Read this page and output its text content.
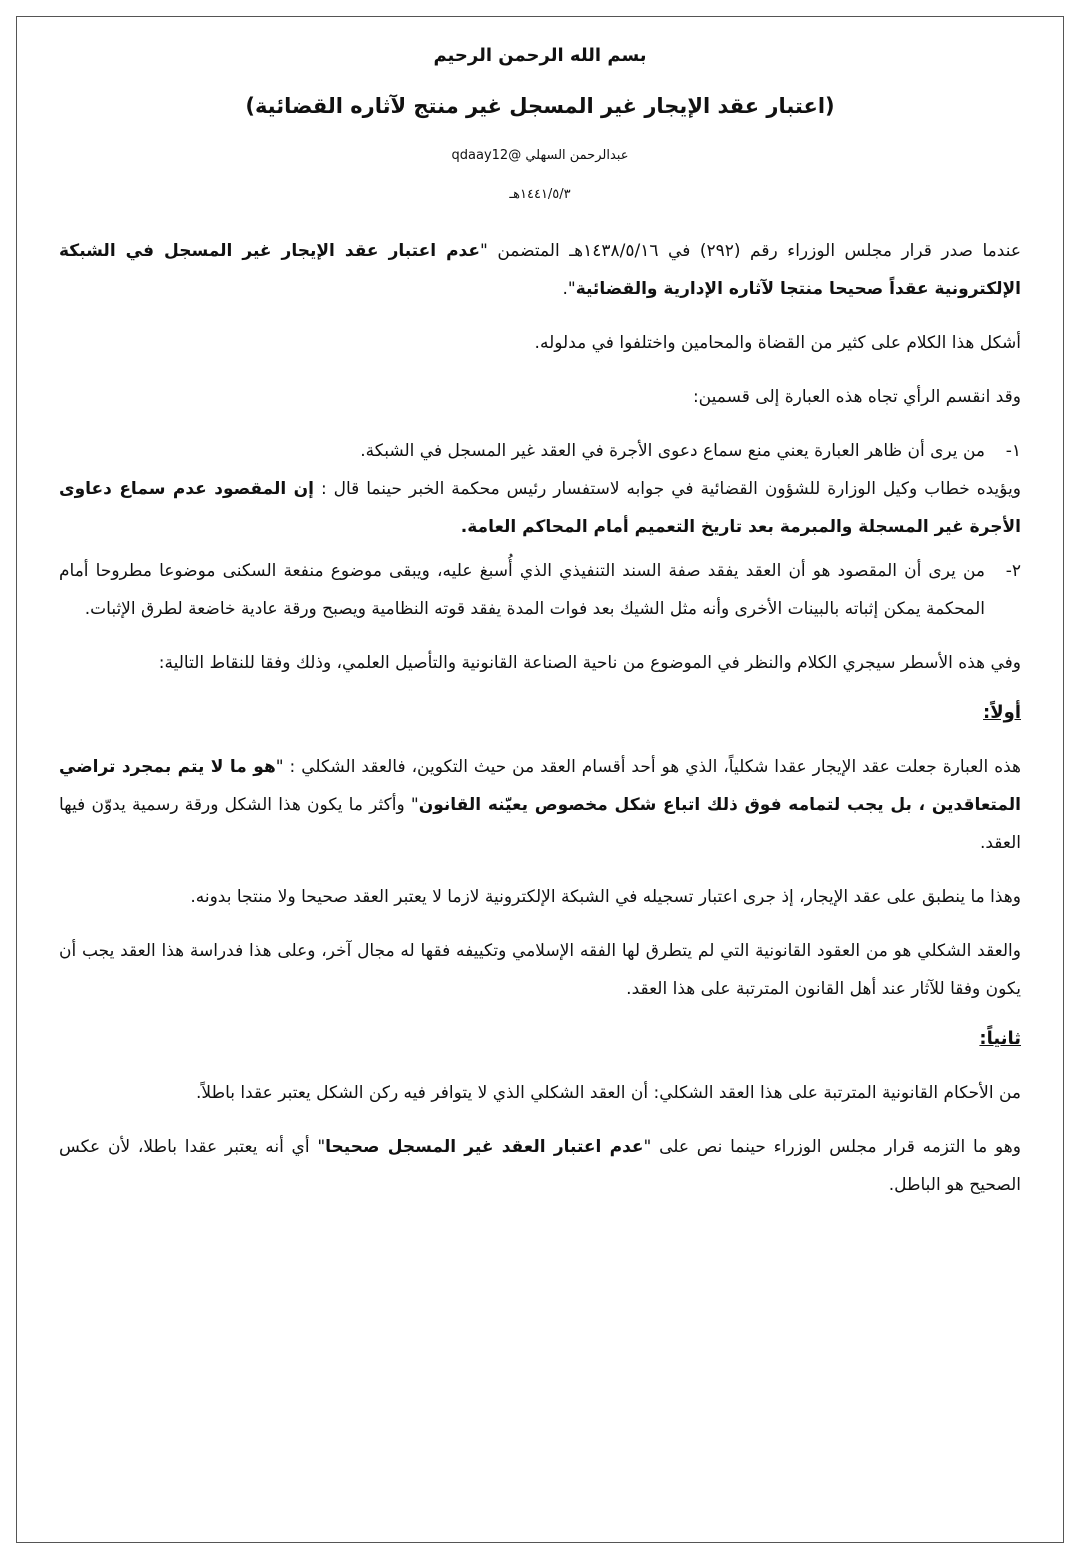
بسم الله الرحمن الرحيم
(اعتبار عقد الإيجار غير المسجل غير منتج لآثاره القضائية)
عبدالرحمن السهلي @qdaay12
١٤٤١/٥/٣هـ

عندما صدر قرار مجلس الوزراء رقم (٢٩٢) في ١٤٣٨/٥/١٦هـ المتضمن "عدم اعتبار عقد الإيجار غير المسجل في الشبكة الإلكترونية عقداً صحيحا منتجا لآثاره الإدارية والقضائية".

أشكل هذا الكلام على كثير من القضاة والمحامين واختلفوا في مدلوله.

وقد انقسم الرأي تجاه هذه العبارة إلى قسمين:

١-
من يرى أن ظاهر العبارة يعني منع سماع دعوى الأجرة في العقد غير المسجل في الشبكة.

ويؤيده خطاب وكيل الوزارة للشؤون القضائية في جوابه لاستفسار رئيس محكمة الخبر حينما قال : إن المقصود عدم سماع دعاوى الأجرة غير المسجلة والمبرمة بعد تاريخ التعميم أمام المحاكم العامة.

٢-
من يرى أن المقصود هو أن العقد يفقد صفة السند التنفيذي الذي أُسبغ عليه، ويبقى موضوع منفعة السكنى موضوعا مطروحا أمام المحكمة يمكن إثباته بالبينات الأخرى وأنه مثل الشيك بعد فوات المدة يفقد قوته النظامية ويصبح ورقة عادية خاضعة لطرق الإثبات.

وفي هذه الأسطر سيجري الكلام والنظر في الموضوع من ناحية الصناعة القانونية والتأصيل العلمي، وذلك وفقا للنقاط التالية:

أولاً:

هذه العبارة جعلت عقد الإيجار عقدا شكلياً، الذي هو أحد أقسام العقد من حيث التكوين، فالعقد الشكلي : "هو ما لا يتم بمجرد تراضي المتعاقدين ، بل يجب لتمامه فوق ذلك اتباع شكل مخصوص يعيّنه القانون" وأكثر ما يكون هذا الشكل ورقة رسمية يدوّن فيها العقد.

وهذا ما ينطبق على عقد الإيجار، إذ جرى اعتبار تسجيله في الشبكة الإلكترونية لازما لا يعتبر العقد صحيحا ولا منتجا بدونه.

والعقد الشكلي هو من العقود القانونية التي لم يتطرق لها الفقه الإسلامي وتكييفه فقها له مجال آخر، وعلى هذا فدراسة هذا العقد يجب أن يكون وفقا للآثار عند أهل القانون المترتبة على هذا العقد.

ثانياً:

من الأحكام القانونية المترتبة على هذا العقد الشكلي: أن العقد الشكلي الذي لا يتوافر فيه ركن الشكل يعتبر عقدا باطلاً.

وهو ما التزمه قرار مجلس الوزراء حينما نص على "عدم اعتبار العقد غير المسجل صحيحا" أي أنه يعتبر عقدا باطلا، لأن عكس الصحيح هو الباطل.
